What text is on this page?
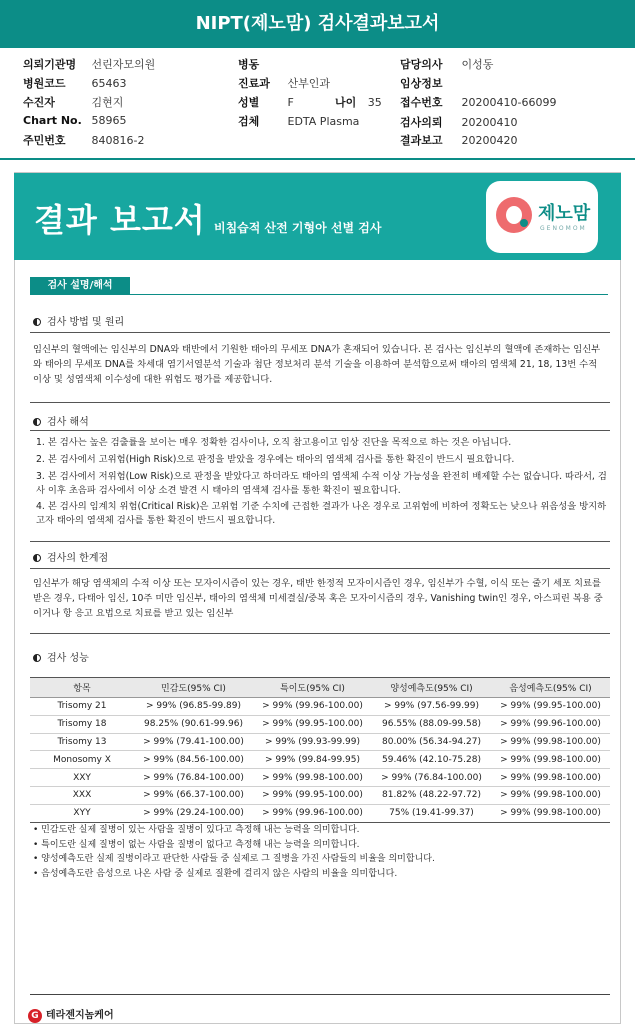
NIPT(제노맘) 검사결과보고서
의뢰기관명 선린자모의원
병원코드 65463
수진자	김현지
Chart No. 58965
주민번호 840816-2
병동
진료과 산부인과
성별	F	나이 35
검체	EDTA Plasma
담당의사 이성동
임상정보
접수번호 20200410-66099
검사의뢰 20200410
결과보고 20200420
결과 보고서 비침습적 산전 기형아 선별 검사
제노맘
GENOMOM
검사 설명/해석
검사 방법 및 원리
임신부의 혈액에는 임신부의 DNA와 태반에서 기원한 태아의 무세포 DNA가 혼재되어 있습니다. 본 검사는 임신부의 혈액에 존재하는 임신부와 태아의 무세포 DNA를 차세대 염기서열분석 기술과 첨단 정보처리 분석 기술을 이용하여 분석함으로써 태아의 염색체 21, 18, 13번 수적 이상 및 성염색체 이수성에 대한 위험도 평가를 제공합니다.
검사 해석
1. 본 검사는 높은 검출률을 보이는 매우 정확한 검사이나, 오직 참고용이고 임상 진단을 목적으로 하는 것은 아닙니다.
2. 본 검사에서 고위험(High Risk)으로 판정을 받았을 경우에는 태아의 염색체 검사를 통한 확진이 반드시 필요합니다.
3. 본 검사에서 저위험(Low Risk)으로 판정을 받았다고 하더라도 태아의 염색체 수적 이상 가능성을 완전히 배제할 수는 없습니다. 따라서, 검사 이후 초음파 검사에서 이상 소견 발견 시 태아의 염색체 검사를 통한 확진이 필요합니다.
4. 본 검사의 임계치 위험(Critical Risk)은 고위험 기준 수치에 근접한 결과가 나온 경우로 고위험에 비하여 정확도는 낮으나 위음성을 방지하고자 태아의 염색체 검사를 통한 확진이 반드시 필요합니다.
검사의 한계점
임신부가 해당 염색체의 수적 이상 또는 모자이시즘이 있는 경우, 태반 한정적 모자이시즘인 경우, 임신부가 수혈, 이식 또는 줄기 세포 치료를 받은 경우, 다태아 임신, 10주 미만 임신부, 태아의 염색체 미세결실/중복 혹은 모자이시즘의 경우, Vanishing twin인 경우, 아스피린 복용 중이거나 항 응고 요법으로 치료를 받고 있는 임신부
검사 성능
항목	민감도(95% CI)	특이도(95% CI)	양성예측도(95% CI)	음성예측도(95% CI)
Trisomy 21	> 99% (96.85-99.89)	> 99% (99.96-100.00)	> 99% (97.56-99.99)	> 99% (99.95-100.00)
Trisomy 18	98.25% (90.61-99.96)	> 99% (99.95-100.00)	96.55% (88.09-99.58)	> 99% (99.96-100.00)
Trisomy 13	> 99% (79.41-100.00)	> 99% (99.93-99.99)	80.00% (56.34-94.27)	> 99% (99.98-100.00)
Monosomy X	> 99% (84.56-100.00)	> 99% (99.84-99.95)	59.46% (42.10-75.28)	> 99% (99.98-100.00)
XXY	> 99% (76.84-100.00)	> 99% (99.98-100.00)	> 99% (76.84-100.00)	> 99% (99.98-100.00)
XXX	> 99% (66.37-100.00)	> 99% (99.95-100.00)	81.82% (48.22-97.72)	> 99% (99.98-100.00)
XYY	> 99% (29.24-100.00)	> 99% (99.96-100.00)	75% (19.41-99.37)	> 99% (99.98-100.00)
• 민감도란 실제 질병이 있는 사람을 질병이 있다고 측정해 내는 능력을 의미합니다.
• 특이도란 실제 질병이 없는 사람을 질병이 없다고 측정해 내는 능력을 의미합니다.
• 양성예측도란 실제 질병이라고 판단한 사람들 중 실제로 그 질병을 가진 사람들의 비율을 의미합니다.
• 음성예측도란 음성으로 나온 사람 중 실제로 질환에 걸리지 않은 사람의 비율을 의미합니다.
G 테라젠지놈케어
